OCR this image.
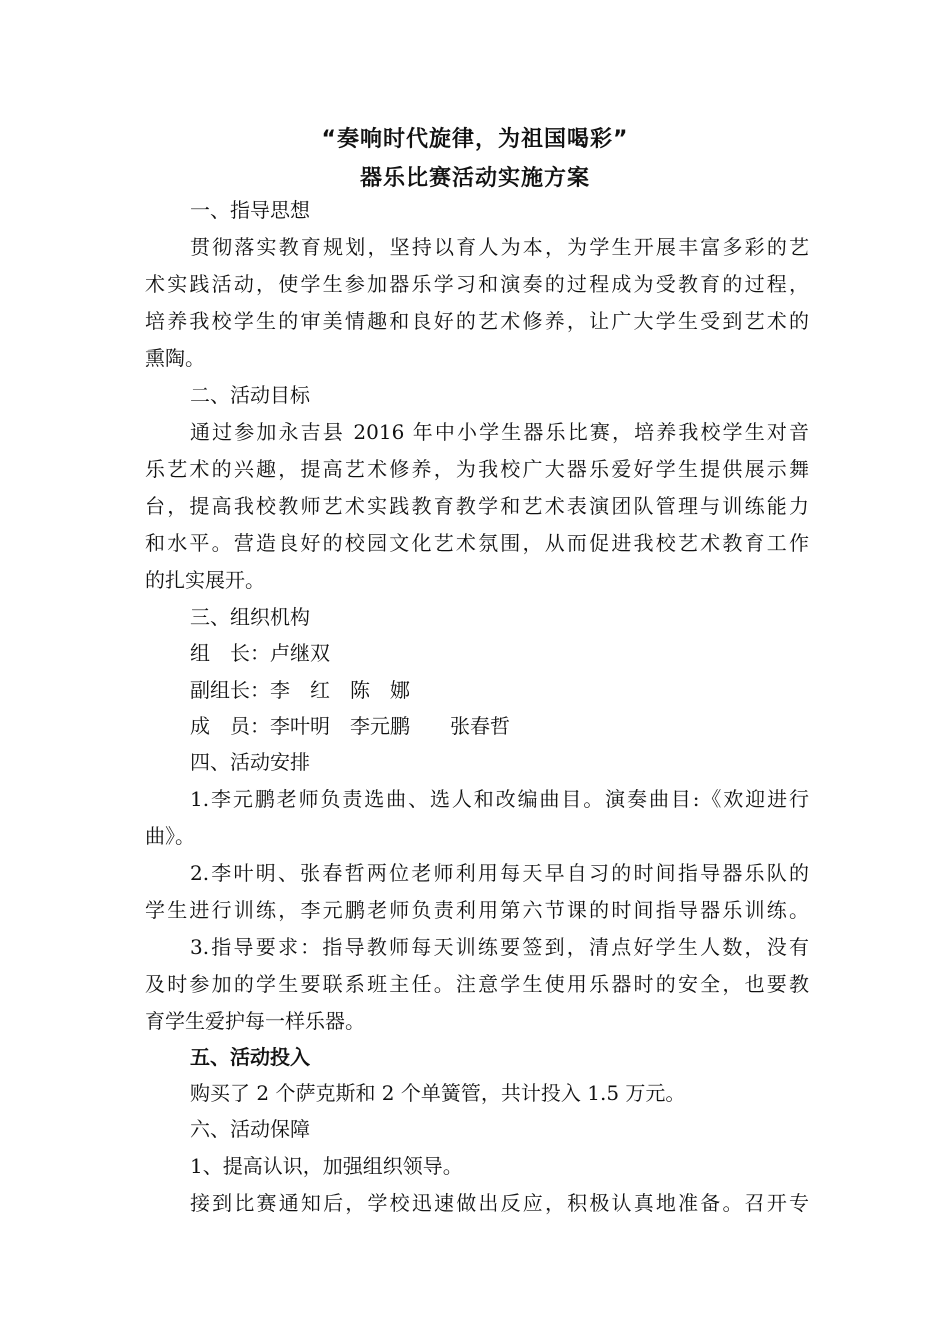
“奏响时代旋律，为祖国喝彩”
器乐比赛活动实施方案
一、指导思想
贯彻落实教育规划，坚持以育人为本，为学生开展丰富多彩的艺
术实践活动，使学生参加器乐学习和演奏的过程成为受教育的过程，
培养我校学生的审美情趣和良好的艺术修养，让广大学生受到艺术的
熏陶。
二、活动目标
通过参加永吉县 2016 年中小学生器乐比赛，培养我校学生对音
乐艺术的兴趣，提高艺术修养，为我校广大器乐爱好学生提供展示舞
台，提高我校教师艺术实践教育教学和艺术表演团队管理与训练能力
和水平。营造良好的校园文化艺术氛围，从而促进我校艺术教育工作
的扎实展开。
三、组织机构
组　长：卢继双
副组长：李　红　陈　娜
成　员：李叶明　李元鹏　　张春哲
四、活动安排
1.李元鹏老师负责选曲、选人和改编曲目。演奏曲目:《欢迎进行
曲》。
2.李叶明、张春哲两位老师利用每天早自习的时间指导器乐队的
学生进行训练，李元鹏老师负责利用第六节课的时间指导器乐训练。
3.指导要求：指导教师每天训练要签到，清点好学生人数，没有
及时参加的学生要联系班主任。注意学生使用乐器时的安全，也要教
育学生爱护每一样乐器。
五、活动投入
购买了 2 个萨克斯和 2 个单簧管，共计投入 1.5 万元。
六、活动保障
1、提高认识，加强组织领导。
接到比赛通知后，学校迅速做出反应，积极认真地准备。召开专
